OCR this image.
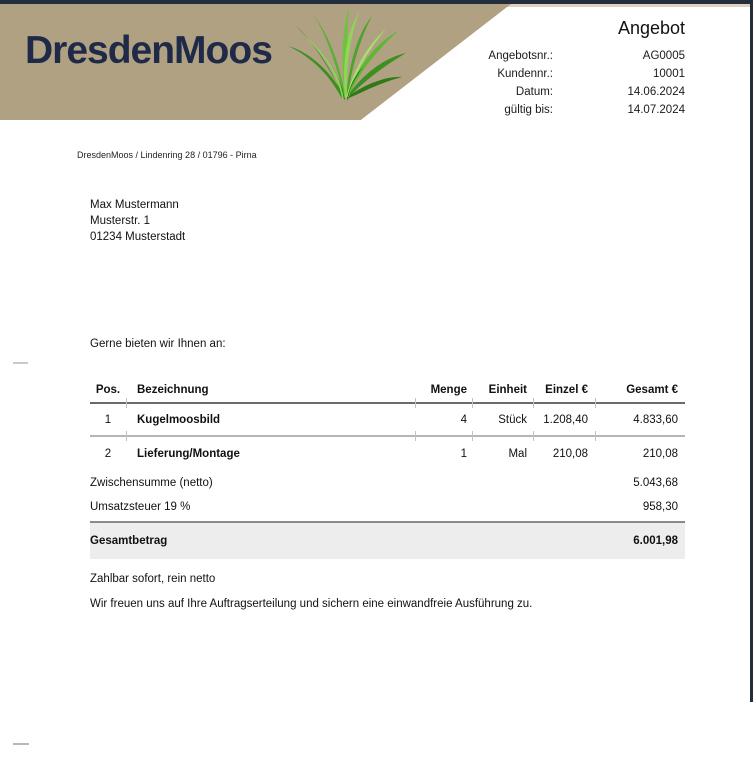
DresdenMoos
Angebot
Angebotsnr.:	AG0005
Kundennr.:	10001
Datum:	14.06.2024
gültig bis:	14.07.2024
DresdenMoos / Lindenring 28 / 01796 - Pirna
Max Mustermann
Musterstr. 1
01234 Musterstadt
Gerne bieten wir Ihnen an:
Pos.	Bezeichnung	Menge	Einheit	Einzel €	Gesamt €
1	Kugelmoosbild	4	Stück	1.208,40	4.833,60
2	Lieferung/Montage	1	Mal	210,08	210,08
Zwischensumme (netto)	5.043,68
Umsatzsteuer 19 %	958,30
Gesamtbetrag	6.001,98
Zahlbar sofort, rein netto
Wir freuen uns auf Ihre Auftragserteilung und sichern eine einwandfreie Ausführung zu.
